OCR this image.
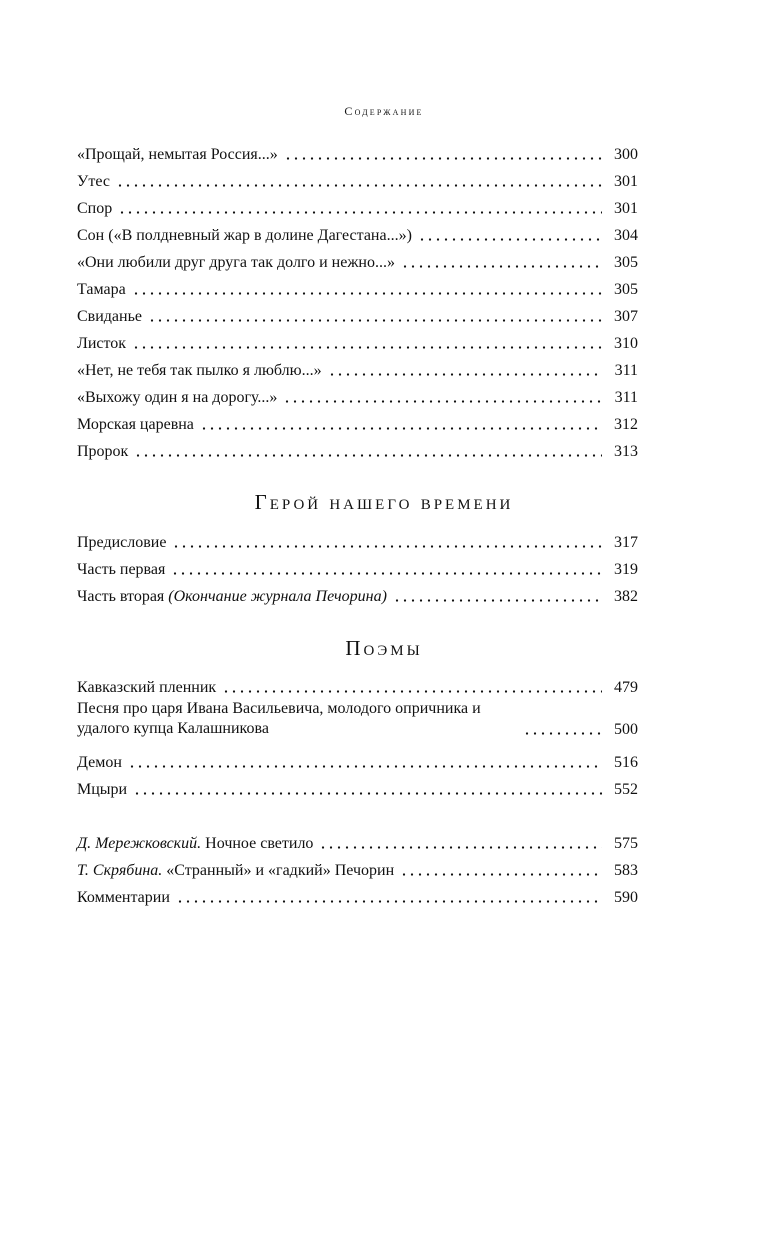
Содержание
«Прощай, немытая Россия...»	300
Утес	301
Спор	301
Сон («В полдневный жар в долине Дагестана...»)	304
«Они любили друг друга так долго и нежно...»	305
Тамара	305
Свиданье	307
Листок	310
«Нет, не тебя так пылко я люблю...»	311
«Выхожу один я на дорогу...»	311
Морская царевна	312
Пророк	313
Герой нашего времени
Предисловие	317
Часть первая	319
Часть вторая (Окончание журнала Печорина)	382
Поэмы
Кавказский пленник	479
Песня про царя Ивана Васильевича, молодого опричника и удалого купца Калашникова	500
Демон	516
Мцыри	552
Д. Мережковский. Ночное светило	575
Т. Скрябина. «Странный» и «гадкий» Печорин	583
Комментарии	590
